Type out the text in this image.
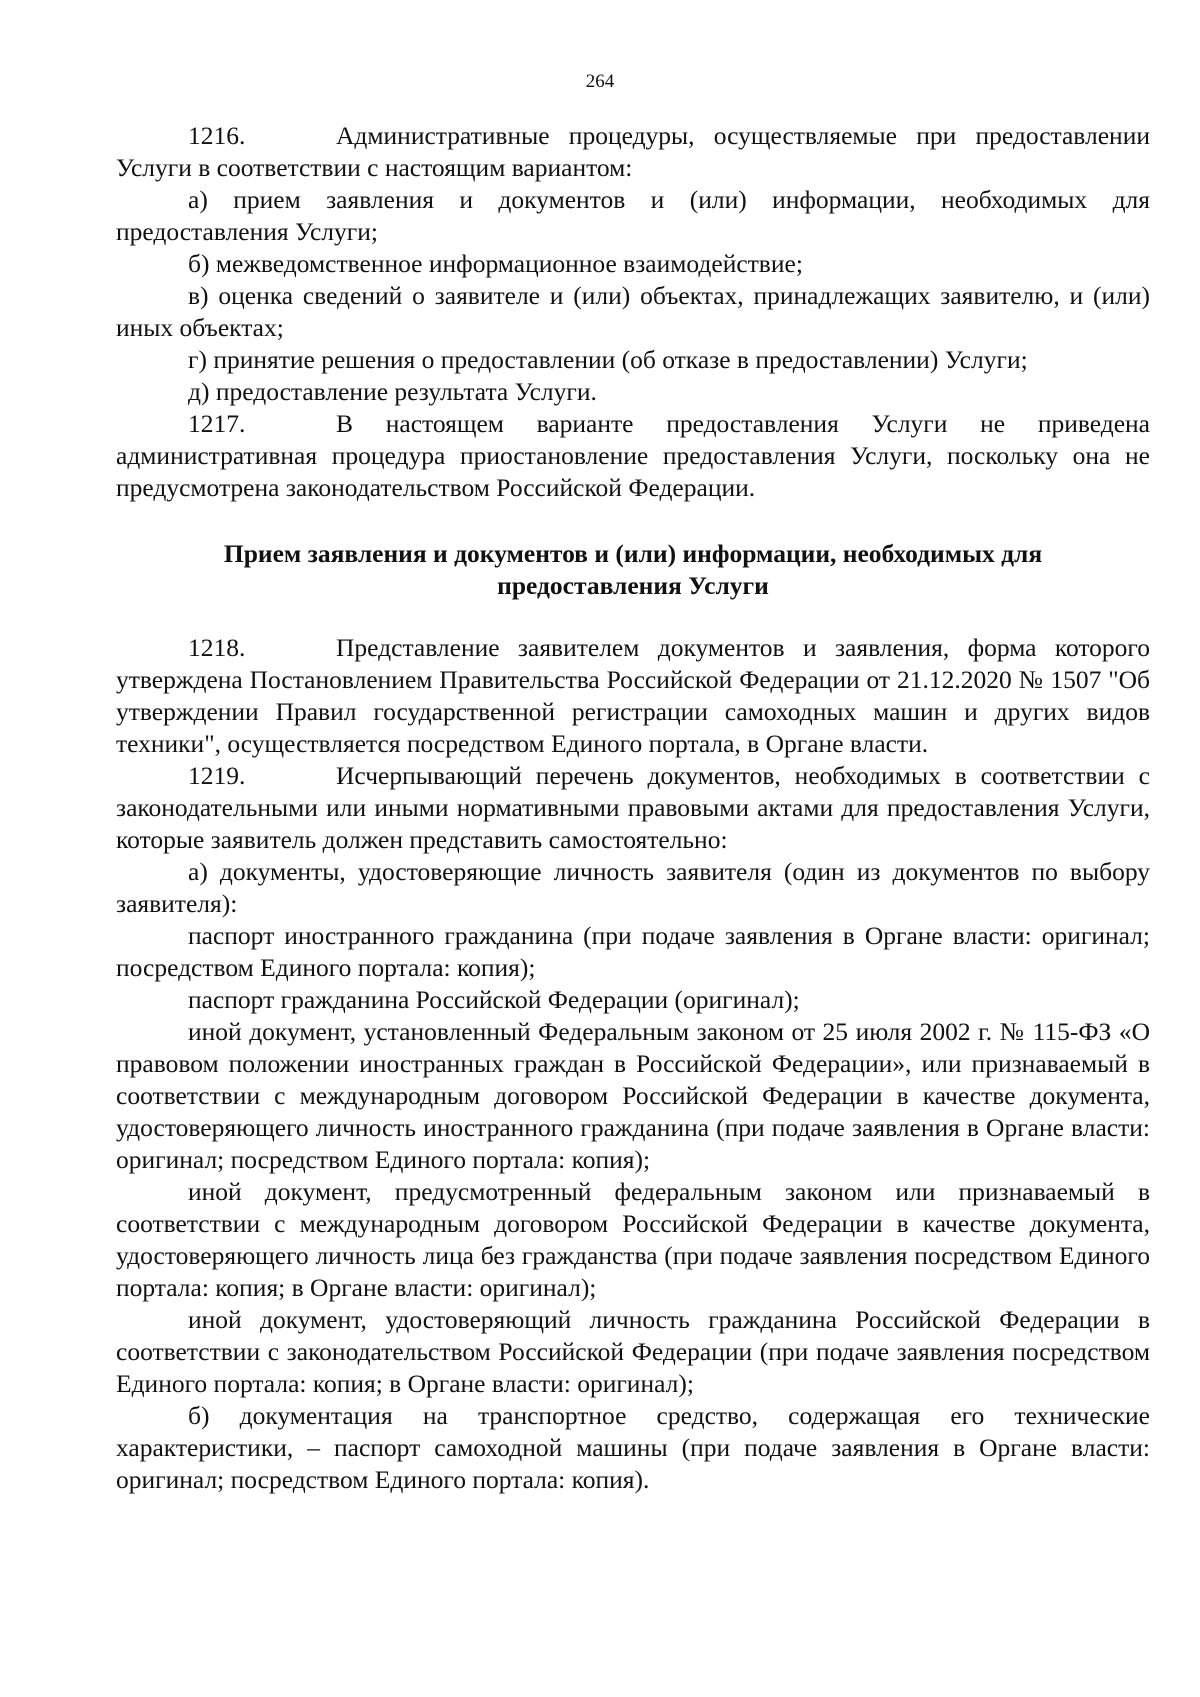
264

1216.	Административные процедуры, осуществляемые при предоставлении Услуги в соответствии с настоящим вариантом:

а) прием заявления и документов и (или) информации, необходимых для предоставления Услуги;

б) межведомственное информационное взаимодействие;

в) оценка сведений о заявителе и (или) объектах, принадлежащих заявителю, и (или) иных объектах;

г) принятие решения о предоставлении (об отказе в предоставлении) Услуги;

д) предоставление результата Услуги.

1217.	В настоящем варианте предоставления Услуги не приведена административная процедура приостановление предоставления Услуги, поскольку она не предусмотрена законодательством Российской Федерации.

Прием заявления и документов и (или) информации, необходимых для предоставления Услуги

1218.	Представление заявителем документов и заявления, форма которого утверждена Постановлением Правительства Российской Федерации от 21.12.2020 № 1507 "Об утверждении Правил государственной регистрации самоходных машин и других видов техники", осуществляется посредством Единого портала, в Органе власти.

1219.	Исчерпывающий перечень документов, необходимых в соответствии с законодательными или иными нормативными правовыми актами для предоставления Услуги, которые заявитель должен представить самостоятельно:

а) документы, удостоверяющие личность заявителя (один из документов по выбору заявителя):

паспорт иностранного гражданина (при подаче заявления в Органе власти: оригинал; посредством Единого портала: копия);

паспорт гражданина Российской Федерации (оригинал);

иной документ, установленный Федеральным законом от 25 июля 2002 г. № 115-ФЗ «О правовом положении иностранных граждан в Российской Федерации», или признаваемый в соответствии с международным договором Российской Федерации в качестве документа, удостоверяющего личность иностранного гражданина (при подаче заявления в Органе власти: оригинал; посредством Единого портала: копия);

иной документ, предусмотренный федеральным законом или признаваемый в соответствии с международным договором Российской Федерации в качестве документа, удостоверяющего личность лица без гражданства (при подаче заявления посредством Единого портала: копия; в Органе власти: оригинал);

иной документ, удостоверяющий личность гражданина Российской Федерации в соответствии с законодательством Российской Федерации (при подаче заявления посредством Единого портала: копия; в Органе власти: оригинал);

б) документация на транспортное средство, содержащая его технические характеристики, – паспорт самоходной машины (при подаче заявления в Органе власти: оригинал; посредством Единого портала: копия).
